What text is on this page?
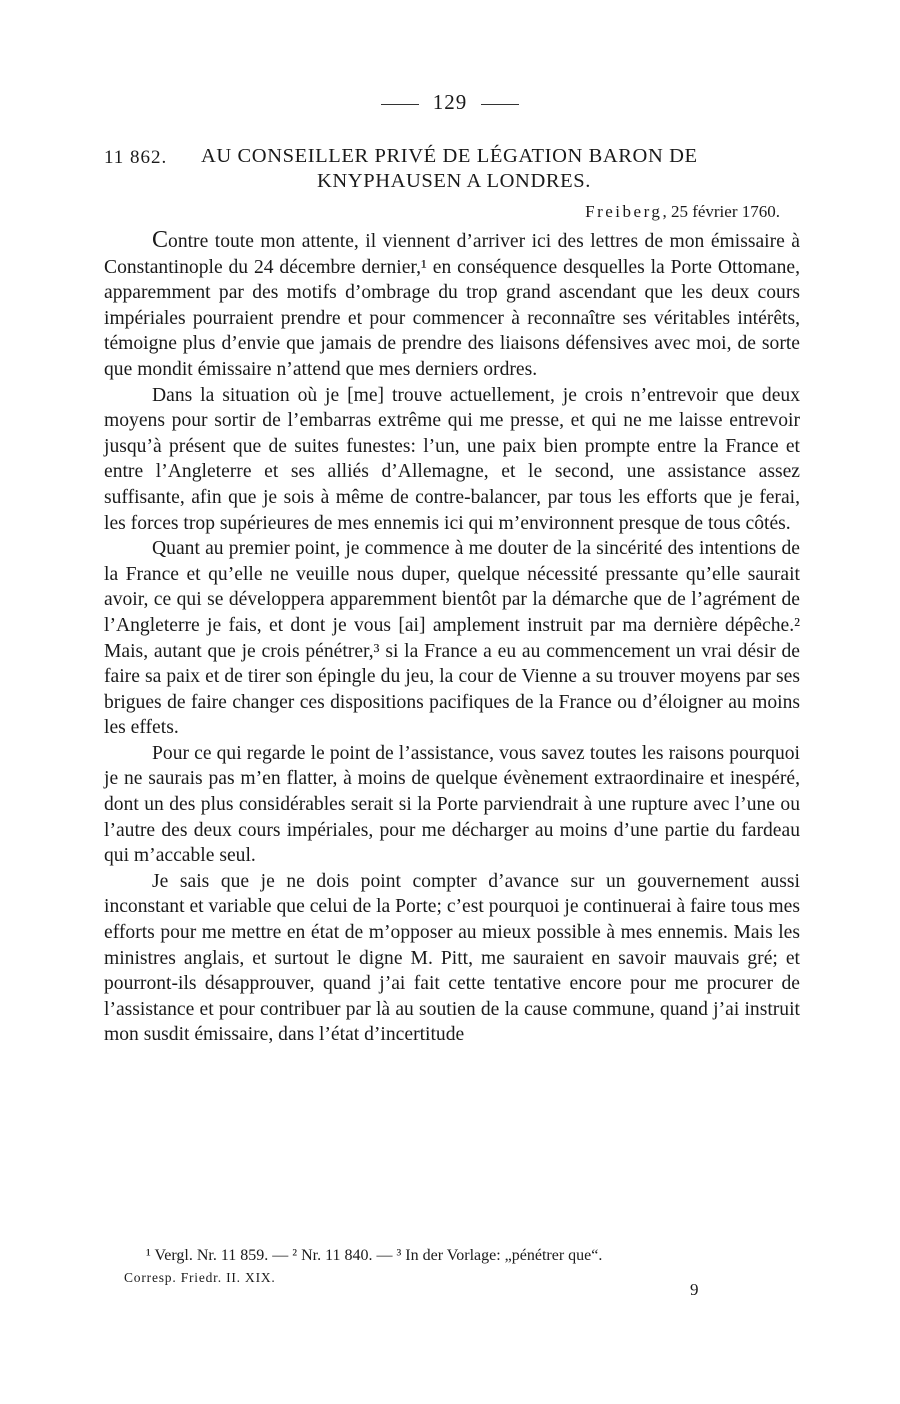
129
11 862. AU CONSEILLER PRIVÉ DE LÉGATION BARON DE
KNYPHAUSEN A LONDRES.
Freiberg, 25 février 1760.

Contre toute mon attente, il viennent d’arriver ici des lettres de mon émissaire à Constantinople du 24 décembre dernier,¹ en conséquence desquelles la Porte Ottomane, apparemment par des motifs d’ombrage du trop grand ascendant que les deux cours impériales pourraient prendre et pour commencer à reconnaître ses véritables intérêts, témoigne plus d’envie que jamais de prendre des liaisons défensives avec moi, de sorte que mondit émissaire n’attend que mes derniers ordres.

Dans la situation où je [me] trouve actuellement, je crois n’entrevoir que deux moyens pour sortir de l’embarras extrême qui me presse, et qui ne me laisse entrevoir jusqu’à présent que de suites funestes: l’un, une paix bien prompte entre la France et entre l’Angleterre et ses alliés d’Allemagne, et le second, une assistance assez suffisante, afin que je sois à même de contre-balancer, par tous les efforts que je ferai, les forces trop supérieures de mes ennemis ici qui m’environnent presque de tous côtés.

Quant au premier point, je commence à me douter de la sincérité des intentions de la France et qu’elle ne veuille nous duper, quelque nécessité pressante qu’elle saurait avoir, ce qui se développera apparemment bientôt par la démarche que de l’agrément de l’Angleterre je fais, et dont je vous [ai] amplement instruit par ma dernière dépêche.² Mais, autant que je crois pénétrer,³ si la France a eu au commencement un vrai désir de faire sa paix et de tirer son épingle du jeu, la cour de Vienne a su trouver moyens par ses brigues de faire changer ces dispositions pacifiques de la France ou d’éloigner au moins les effets.

Pour ce qui regarde le point de l’assistance, vous savez toutes les raisons pourquoi je ne saurais pas m’en flatter, à moins de quelque évènement extraordinaire et inespéré, dont un des plus considérables serait si la Porte parviendrait à une rupture avec l’une ou l’autre des deux cours impériales, pour me décharger au moins d’une partie du fardeau qui m’accable seul.

Je sais que je ne dois point compter d’avance sur un gouvernement aussi inconstant et variable que celui de la Porte; c’est pourquoi je continuerai à faire tous mes efforts pour me mettre en état de m’opposer au mieux possible à mes ennemis. Mais les ministres anglais, et surtout le digne M. Pitt, me sauraient en savoir mauvais gré; et pourront-ils désapprouver, quand j’ai fait cette tentative encore pour me procurer de l’assistance et pour contribuer par là au soutien de la cause commune, quand j’ai instruit mon susdit émissaire, dans l’état d’incertitude

¹ Vergl. Nr. 11 859. — ² Nr. 11 840. — ³ In der Vorlage: „pénétrer que“.
Corresp. Friedr. II. XIX.
9
